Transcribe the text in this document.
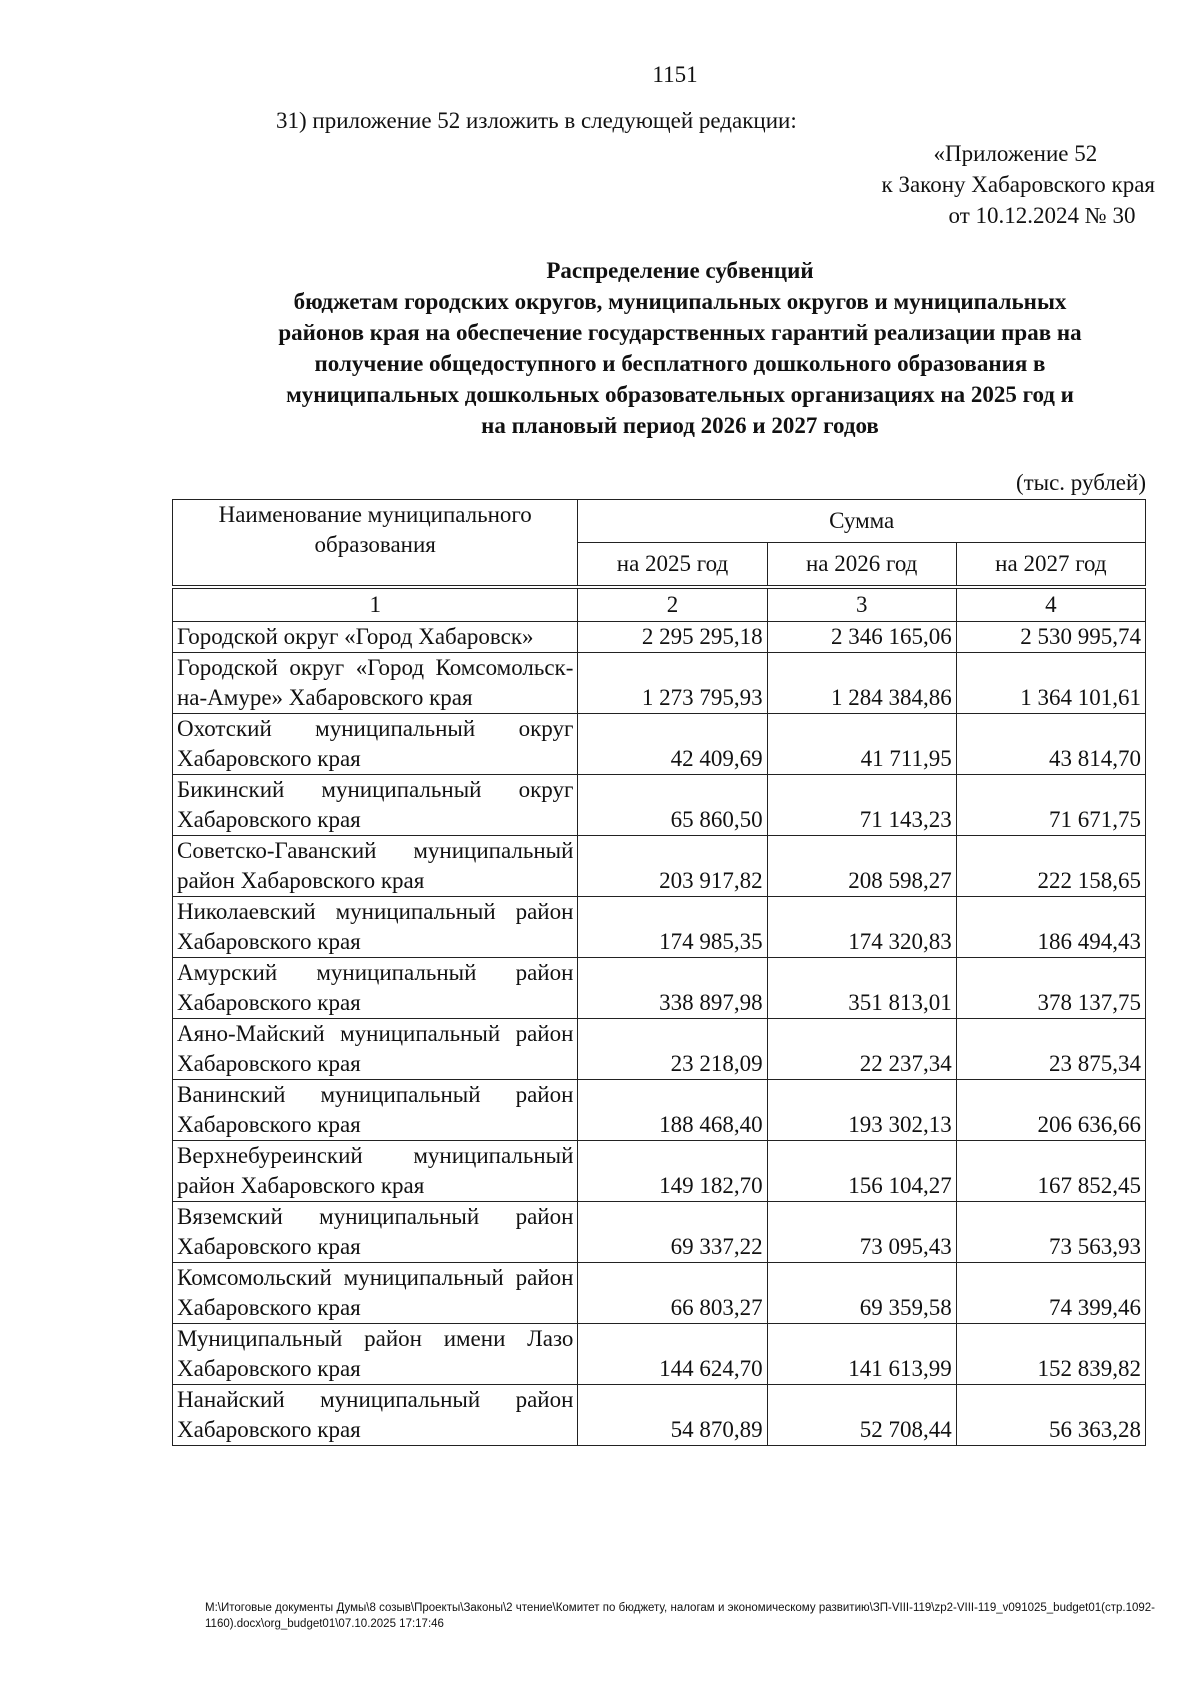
1151
31) приложение 52 изложить в следующей редакции:
«Приложение 52
к Закону Хабаровского края
от 10.12.2024 № 30
Распределение субвенций
бюджетам городских округов, муниципальных округов и муниципальных
районов края на обеспечение государственных гарантий реализации прав на
получение общедоступного и бесплатного дошкольного образования в
муниципальных дошкольных образовательных организациях на 2025 год и
на плановый период 2026 и 2027 годов
(тыс. рублей)
Наименование муниципального образования	Сумма		
	на 2025 год	на 2026 год	на 2027 год
1	2	3	4
Городской округ «Город Хабаровск»	2 295 295,18	2 346 165,06	2 530 995,74
Городской округ «Город Комсомольск-на-Амуре» Хабаровского края	1 273 795,93	1 284 384,86	1 364 101,61
Охотский муниципальный округ Хабаровского края	42 409,69	41 711,95	43 814,70
Бикинский муниципальный округ Хабаровского края	65 860,50	71 143,23	71 671,75
Советско-Гаванский муниципальный район Хабаровского края	203 917,82	208 598,27	222 158,65
Николаевский муниципальный район Хабаровского края	174 985,35	174 320,83	186 494,43
Амурский муниципальный район Хабаровского края	338 897,98	351 813,01	378 137,75
Аяно-Майский муниципальный район Хабаровского края	23 218,09	22 237,34	23 875,34
Ванинский муниципальный район Хабаровского края	188 468,40	193 302,13	206 636,66
Верхнебуреинский муниципальный район Хабаровского края	149 182,70	156 104,27	167 852,45
Вяземский муниципальный район Хабаровского края	69 337,22	73 095,43	73 563,93
Комсомольский муниципальный район Хабаровского края	66 803,27	69 359,58	74 399,46
Муниципальный район имени Лазо Хабаровского края	144 624,70	141 613,99	152 839,82
Нанайский муниципальный район Хабаровского края	54 870,89	52 708,44	56 363,28
M:\Итоговые документы Думы\8 созыв\Проекты\Законы\2 чтение\Комитет по бюджету, налогам и экономическому развитию\ЗП-VIII-119\zp2-VIII-119_v091025_budget01(стр.1092-1160).docx\org_budget01\07.10.2025 17:17:46
